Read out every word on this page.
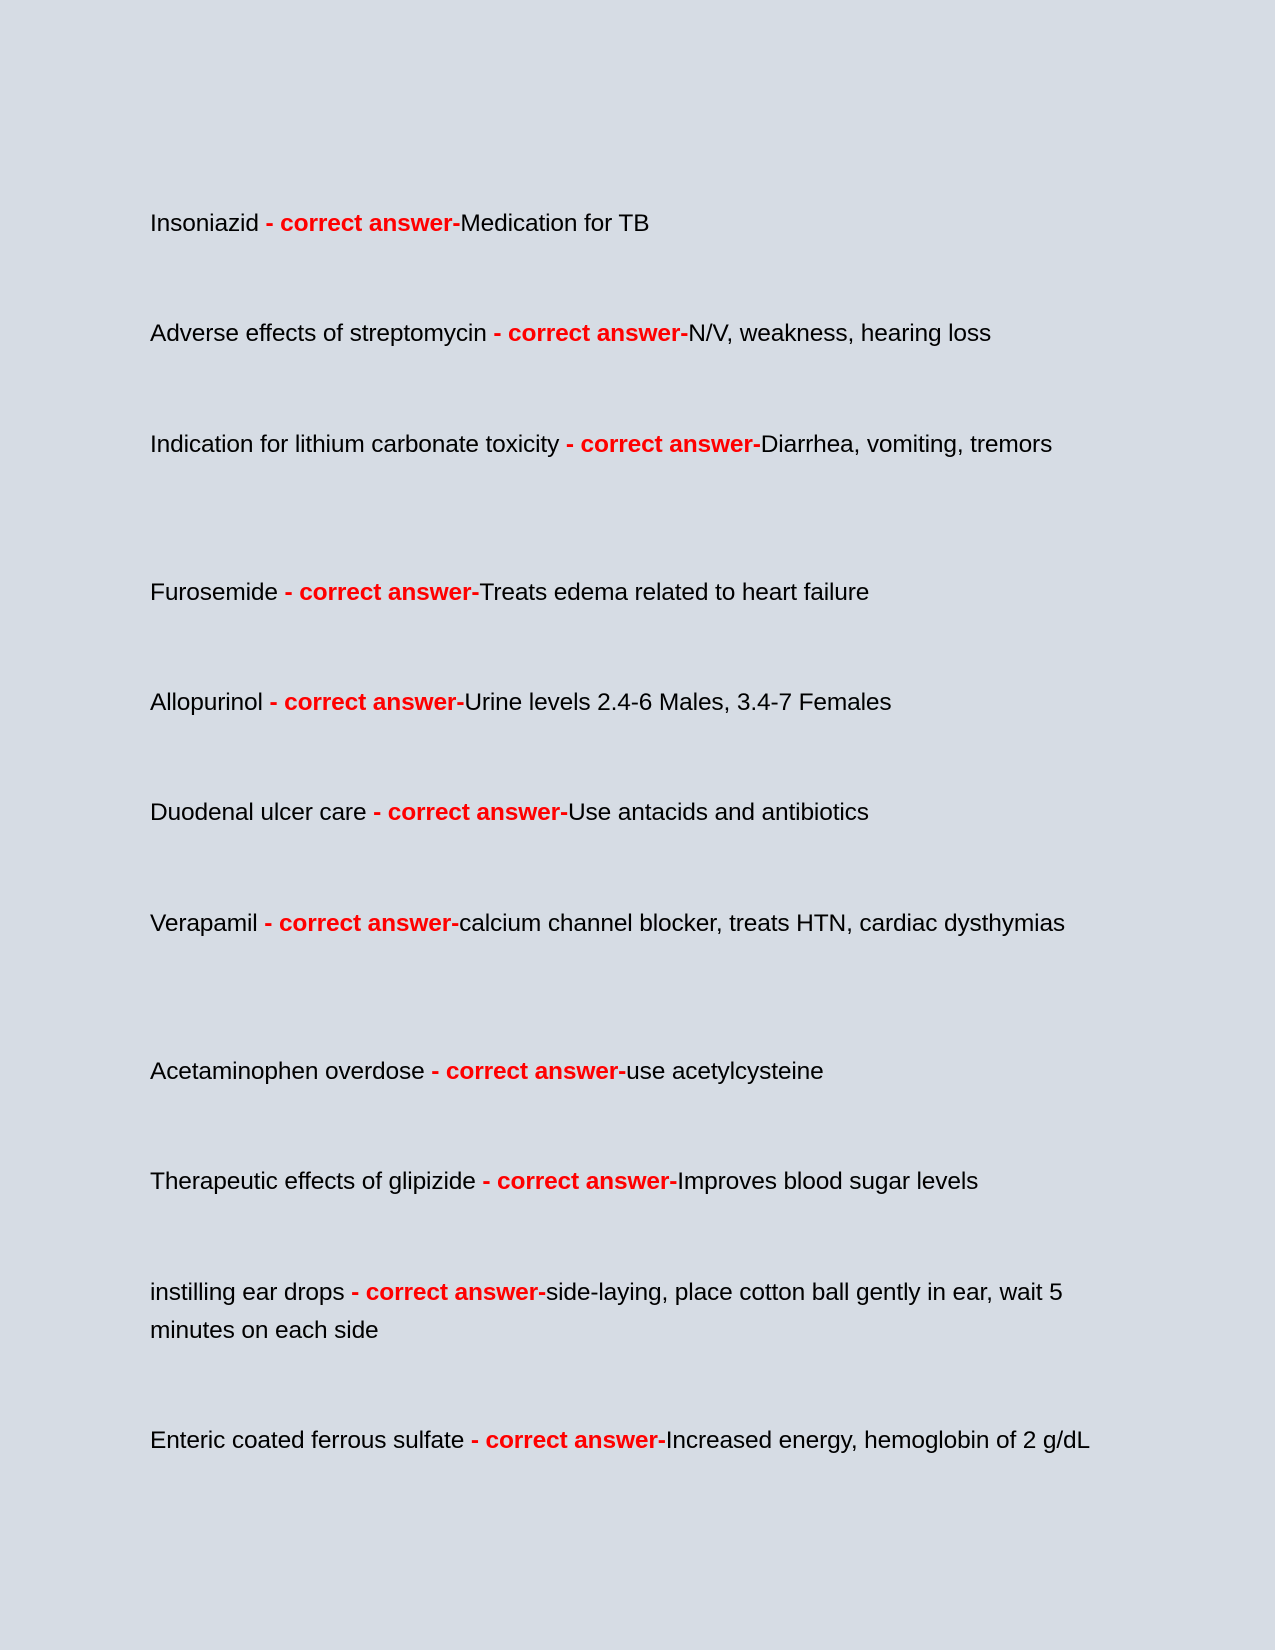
Insoniazid - correct answer-Medication for TB

Adverse effects of streptomycin - correct answer-N/V, weakness, hearing loss

Indication for lithium carbonate toxicity - correct answer-Diarrhea, vomiting, tremors

Furosemide - correct answer-Treats edema related to heart failure

Allopurinol - correct answer-Urine levels 2.4-6 Males, 3.4-7 Females

Duodenal ulcer care - correct answer-Use antacids and antibiotics

Verapamil - correct answer-calcium channel blocker, treats HTN, cardiac dysthymias

Acetaminophen overdose - correct answer-use acetylcysteine

Therapeutic effects of glipizide - correct answer-Improves blood sugar levels

instilling ear drops - correct answer-side-laying, place cotton ball gently in ear, wait 5 minutes on each side

Enteric coated ferrous sulfate - correct answer-Increased energy, hemoglobin of 2 g/dL
